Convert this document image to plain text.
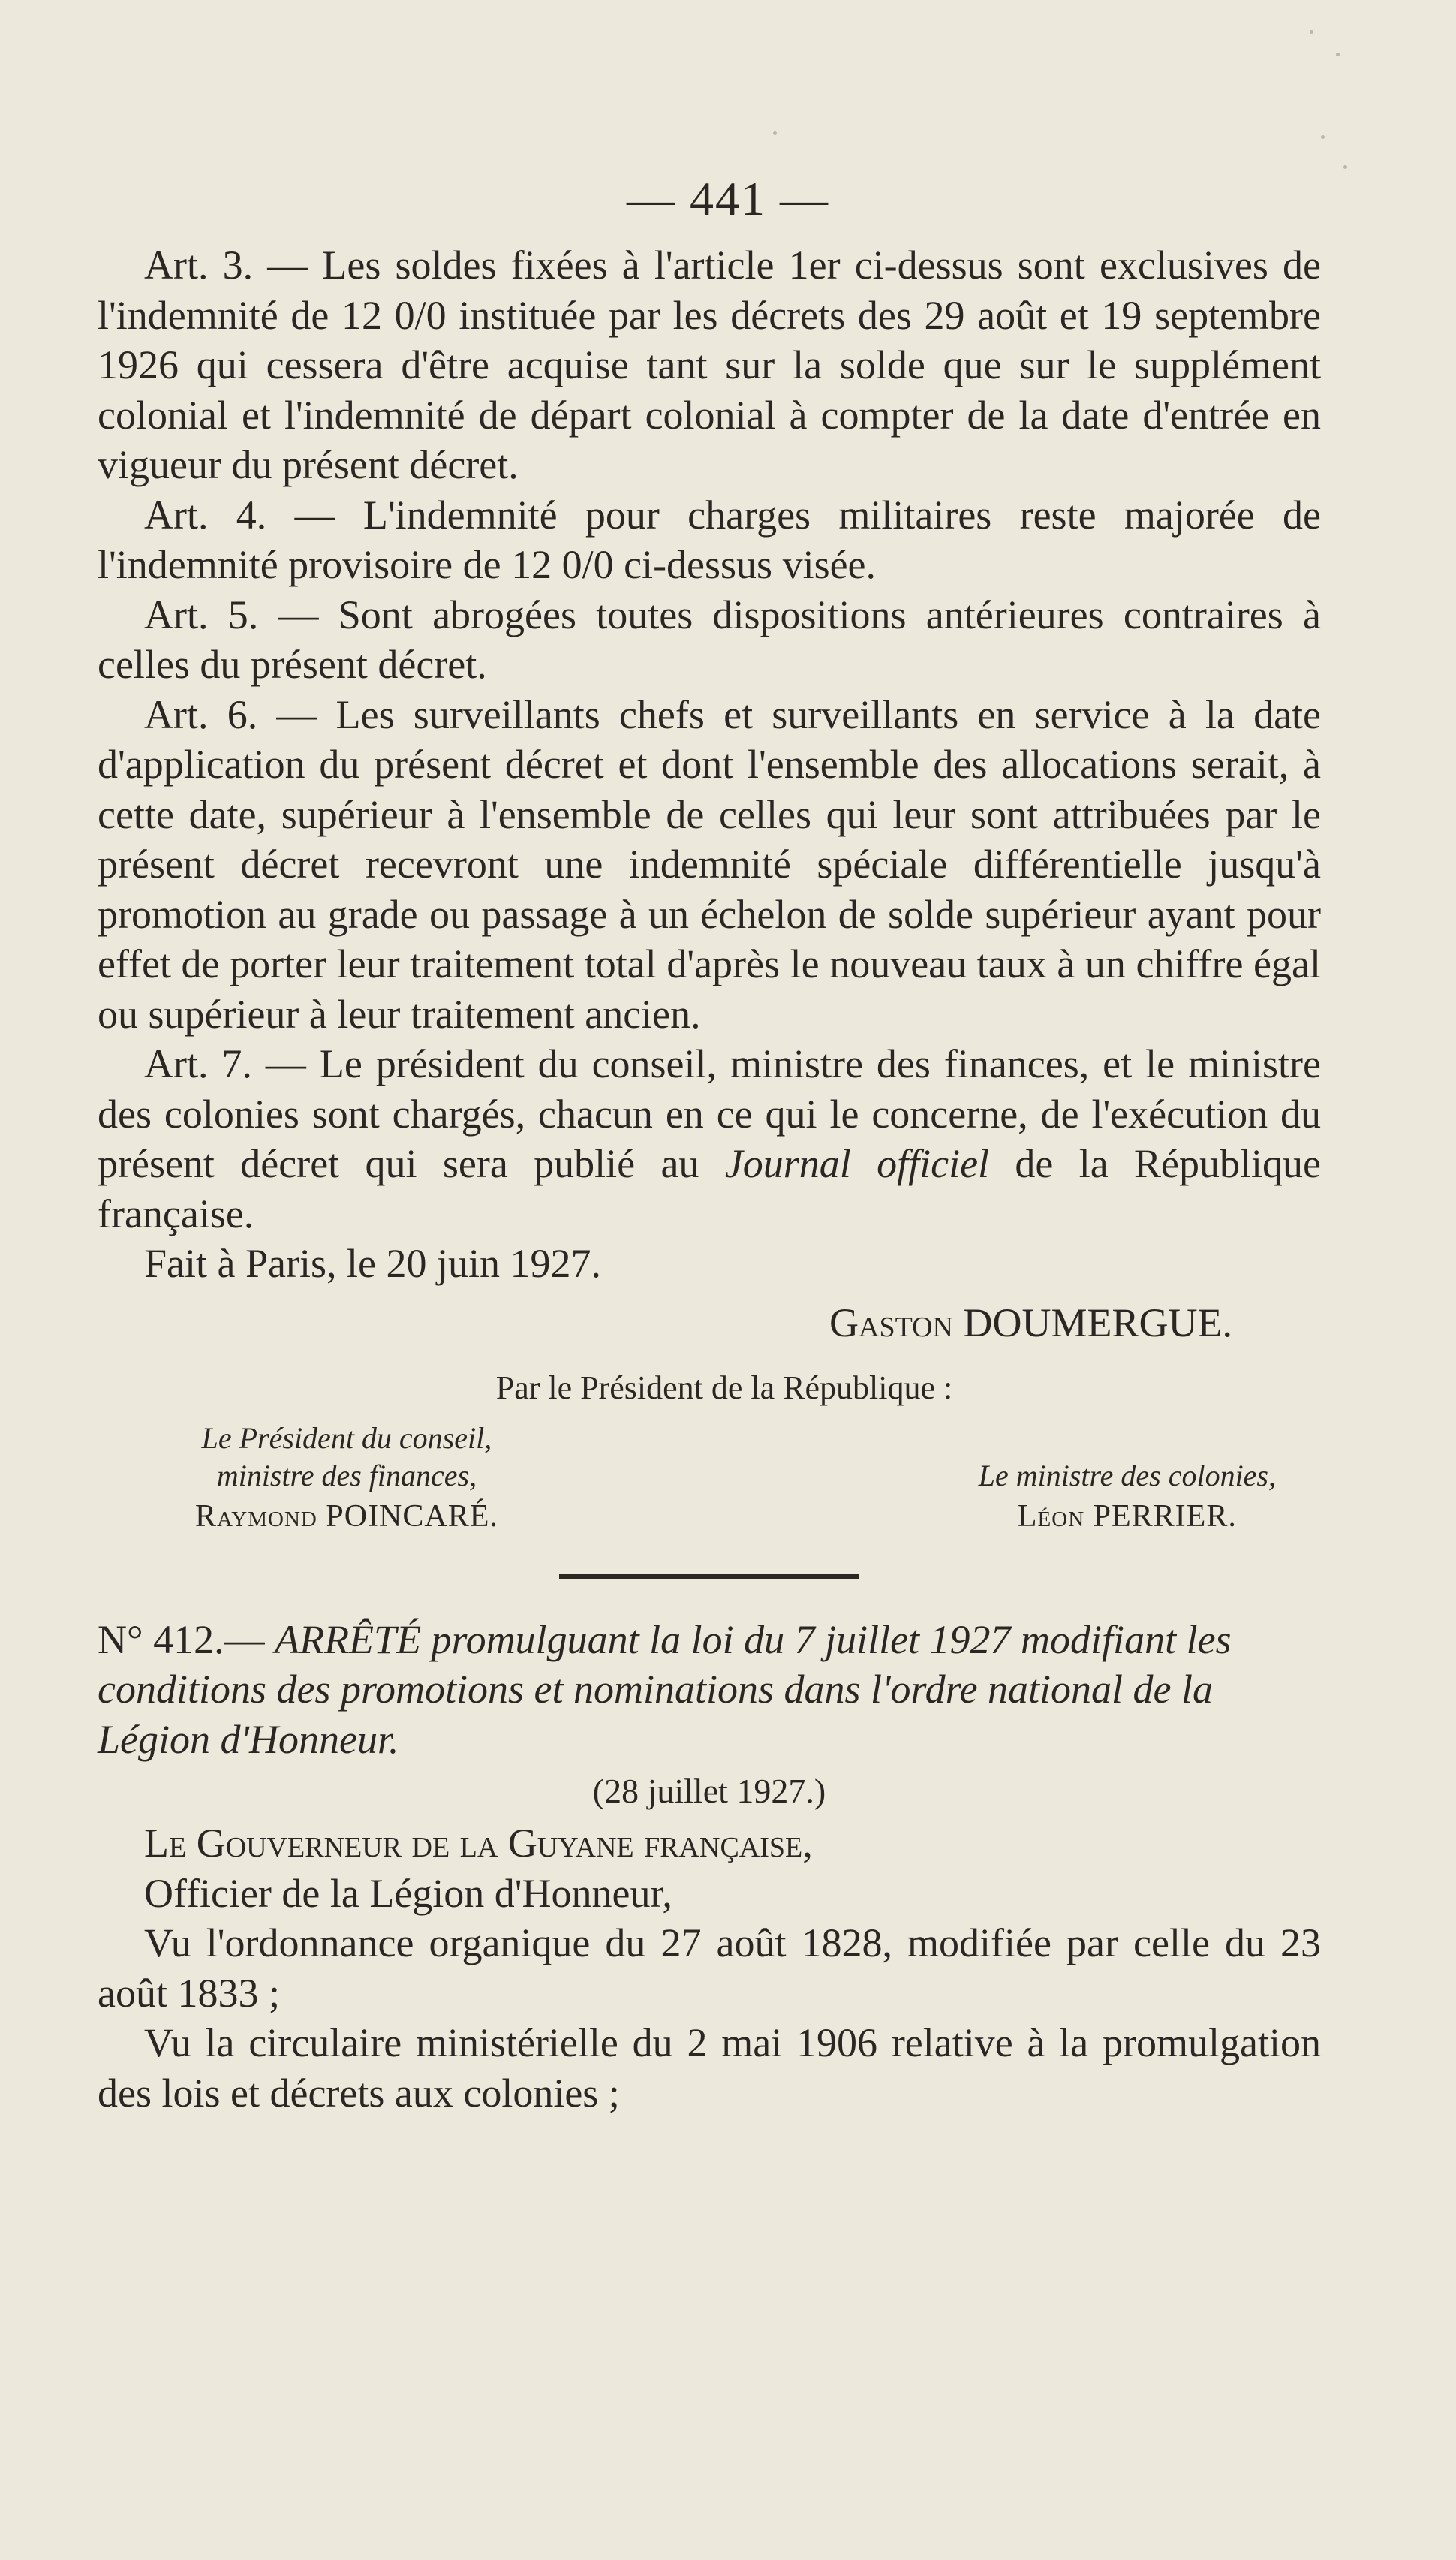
— 441 —

Art. 3. — Les soldes fixées à l'article 1er ci-dessus sont exclusives de l'indemnité de 12 0/0 instituée par les décrets des 29 août et 19 septembre 1926 qui cessera d'être acquise tant sur la solde que sur le supplément colonial et l'indemnité de départ colonial à compter de la date d'entrée en vigueur du présent décret.

Art. 4. — L'indemnité pour charges militaires reste majorée de l'indemnité provisoire de 12 0/0 ci-dessus visée.

Art. 5. — Sont abrogées toutes dispositions antérieures contraires à celles du présent décret.

Art. 6. — Les surveillants chefs et surveillants en service à la date d'application du présent décret et dont l'ensemble des allocations serait, à cette date, supérieur à l'ensemble de celles qui leur sont attribuées par le présent décret recevront une indemnité spéciale différentielle jusqu'à promotion au grade ou passage à un échelon de solde supérieur ayant pour effet de porter leur traitement total d'après le nouveau taux à un chiffre égal ou supérieur à leur traitement ancien.

Art. 7. — Le président du conseil, ministre des finances, et le ministre des colonies sont chargés, chacun en ce qui le concerne, de l'exécution du présent décret qui sera publié au Journal officiel de la République française.

Fait à Paris, le 20 juin 1927.

Gaston DOUMERGUE.

Par le Président de la République :

Le Président du conseil,
ministre des finances,
Raymond POINCARÉ.
Le ministre des colonies,
Léon PERRIER.

N° 412.— ARRÊTÉ promulguant la loi du 7 juillet 1927 modifiant les conditions des promotions et nominations dans l'ordre national de la Légion d'Honneur.

(28 juillet 1927.)

Le Gouverneur de la Guyane française,

Officier de la Légion d'Honneur,

Vu l'ordonnance organique du 27 août 1828, modifiée par celle du 23 août 1833 ;

Vu la circulaire ministérielle du 2 mai 1906 relative à la promulgation des lois et décrets aux colonies ;
